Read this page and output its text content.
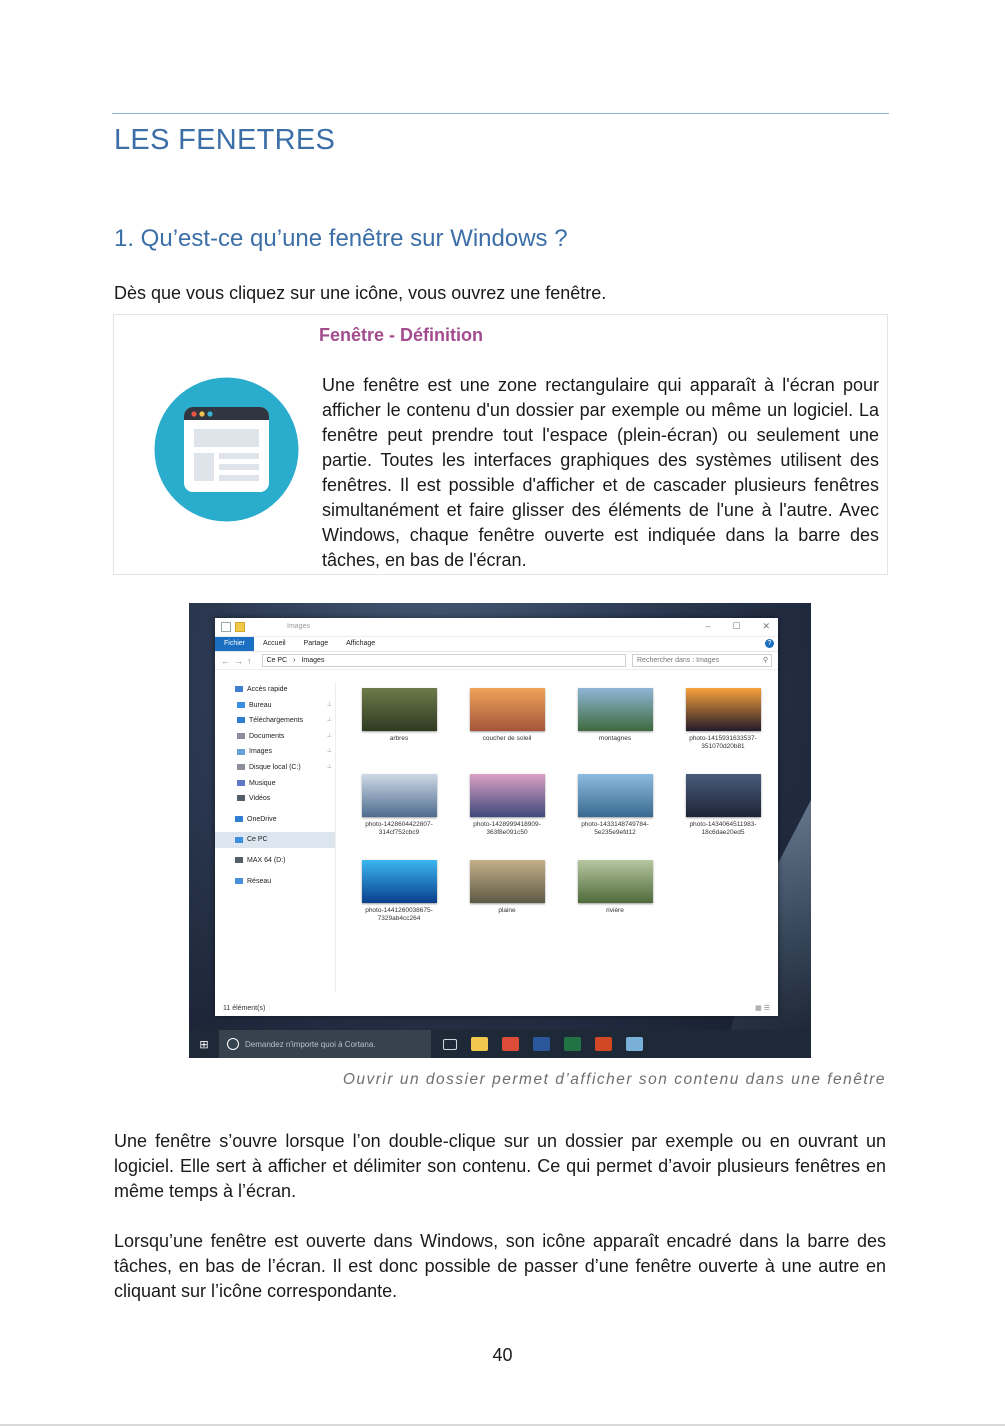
LES FENETRES
1. Qu’est-ce qu’une fenêtre sur Windows ?
Dès que vous cliquez sur une icône, vous ouvrez une fenêtre.
Fenêtre - Définition
Une fenêtre est une zone rectangulaire qui apparaît à l'écran pour afficher le contenu d'un dossier par exemple ou même un logiciel. La fenêtre peut prendre tout l'espace (plein-écran) ou seulement une partie. Toutes les interfaces graphiques des systèmes utilisent des fenêtres. Il est possible d'afficher et de cascader plusieurs fenêtres simultanément et faire glisser des éléments de l'une à l'autre. Avec Windows, chaque fenêtre ouverte est indiquée dans la barre des tâches, en bas de l'écran.
Images	– ☐ ✕
Fichier	Accueil	Partage	Affichage	?
←→↑ Ce PC › Images	Rechercher dans : Images	⚲
Accès rapide
Bureau	⊥
Téléchargements	⊥
Documents	⊥
Images	⊥
Disque local (C:)	⊥
Musique
Vidéos
OneDrive
Ce PC
MAX 64 (D:)
Réseau
arbres	coucher de soleil	montagnes	photo-1415931633537-351070d20b81
photo-1428604422807-314cf752cbc9
photo-1428999418909-363f8e091c50
photo-1433148749784-5e235e9efd12
photo-1434064511983-18c6dae20ed5
photo-1441260038675-7329ab4cc264
plaine	rivière
11 élément(s)	▦ ☰
⊞	Demandez n'importe quoi à Cortana.
Ouvrir un dossier permet d’afficher son contenu dans une fenêtre
Une fenêtre s’ouvre lorsque l’on double-clique sur un dossier par exemple ou en ouvrant un logiciel. Elle sert à afficher et délimiter son contenu. Ce qui permet d’avoir plusieurs fenêtres en même temps à l’écran.
Lorsqu’une fenêtre est ouverte dans Windows, son icône apparaît encadré dans la barre des tâches, en bas de l’écran. Il est donc possible de passer d’une fenêtre ouverte à une autre en cliquant sur l’icône correspondante.
40
